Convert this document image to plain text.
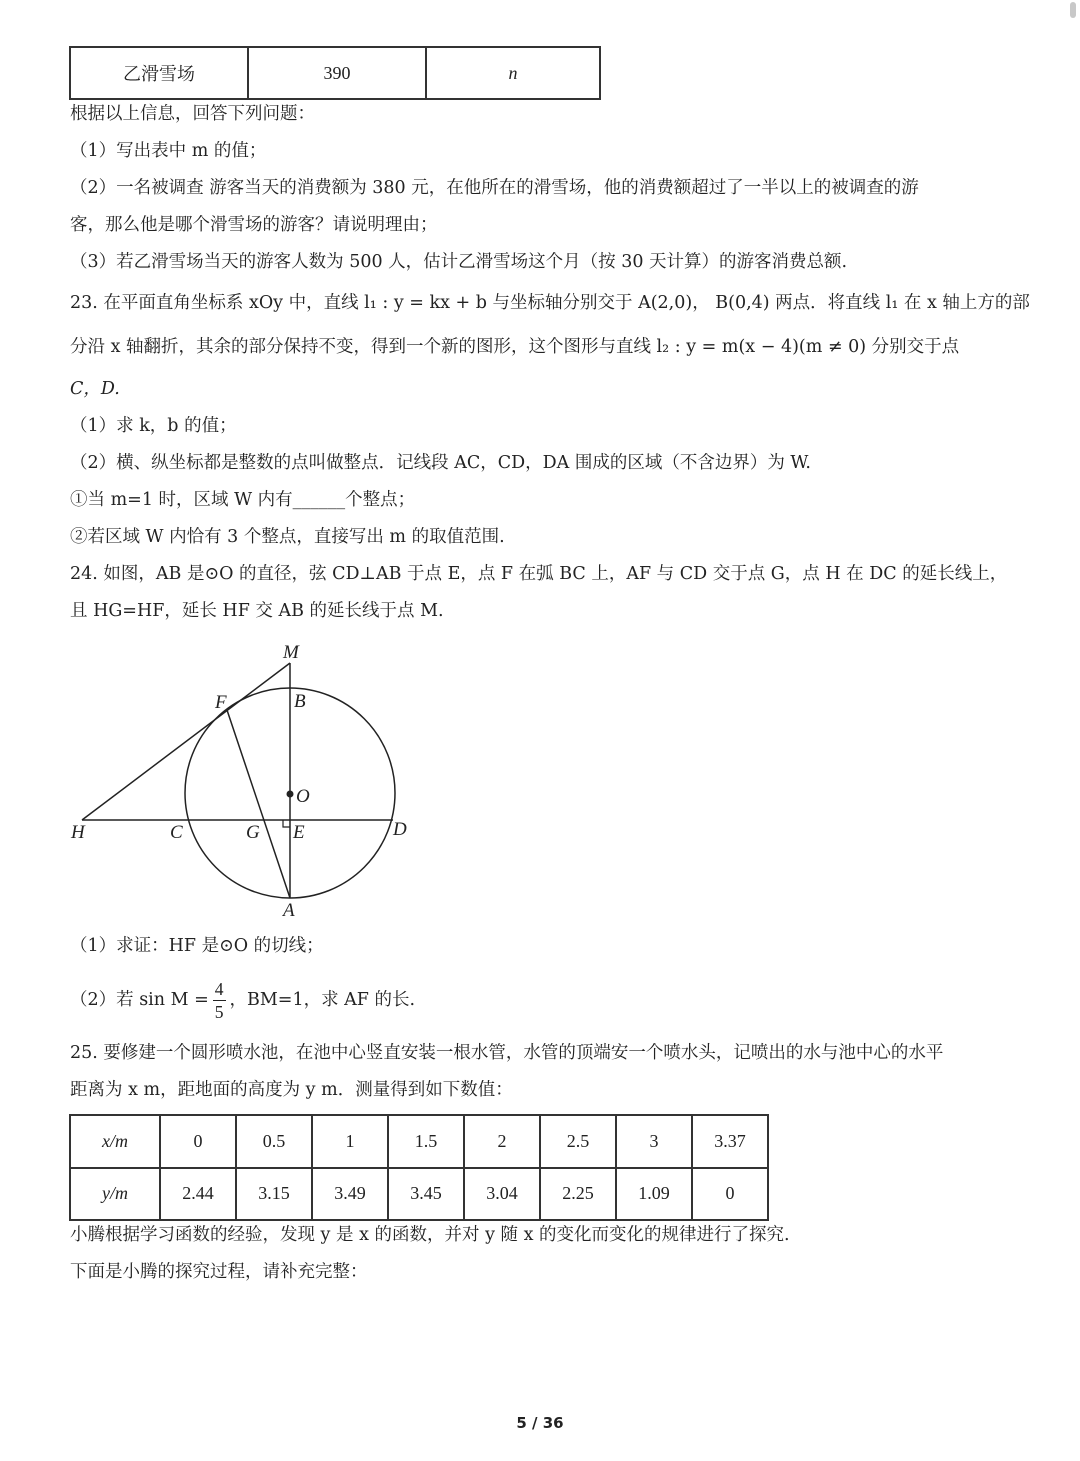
乙滑雪场	390	n
根据以上信息，回答下列问题：
（1）写出表中 m 的值；
（2）一名被调查 游客当天的消费额为 380 元，在他所在的滑雪场，他的消费额超过了一半以上的被调查的游
客，那么他是哪个滑雪场的游客？请说明理由；
（3）若乙滑雪场当天的游客人数为 500 人，估计乙滑雪场这个月（按 30 天计算）的游客消费总额.
23. 在平面直角坐标系 xOy 中，直线 l₁ : y = kx + b 与坐标轴分别交于 A(2,0)， B(0,4) 两点．将直线 l₁ 在 x 轴上方的部
分沿 x 轴翻折，其余的部分保持不变，得到一个新的图形，这个图形与直线 l₂ : y = m(x − 4)(m ≠ 0) 分别交于点
C，D.
（1）求 k，b 的值；
（2）横、纵坐标都是整数的点叫做整点．记线段 AC，CD，DA 围成的区域（不含边界）为 W.
①当 m=1 时，区域 W 内有______个整点；
②若区域 W 内恰有 3 个整点，直接写出 m 的取值范围.
24. 如图，AB 是⊙O 的直径，弦 CD⊥AB 于点 E，点 F 在弧 BC 上，AF 与 CD 交于点 G，点 H 在 DC 的延长线上，
且 HG=HF，延长 HF 交 AB 的延长线于点 M.
M
B
F
O
H	C	G E	D
A
（1）求证：HF 是⊙O 的切线；
（2）若 $\sin M = \frac{4}{5}$ ，BM=1，求 AF 的长.
25. 要修建一个圆形喷水池，在池中心竖直安装一根水管，水管的顶端安一个喷水头，记喷出的水与池中心的水平
距离为 x m，距地面的高度为 y m．测量得到如下数值：
x/m	0	0.5	1	1.5	2	2.5	3	3.37
y/m	2.44	3.15	3.49	3.45	3.04	2.25	1.09	0
小腾根据学习函数的经验，发现 y 是 x 的函数，并对 y 随 x 的变化而变化的规律进行了探究.
下面是小腾的探究过程，请补充完整：
5 / 36
